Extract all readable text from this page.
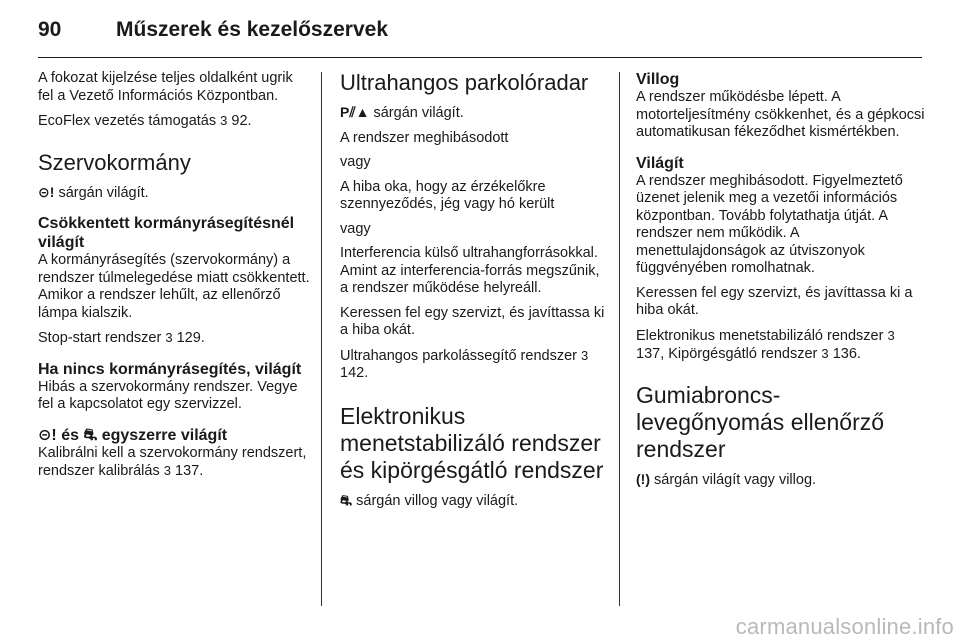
90	Műszerek és kezelőszervek

A fokozat kijelzése teljes oldalként ugrik fel a Vezető Információs Központban.

EcoFlex vezetés támogatás 3 92.

Szervokormány

⊝! sárgán világít.

Csökkentett kormányrásegítésnél világít

A kormányrásegítés (szervokormány) a rendszer túlmelegedése miatt csökkentett. Amikor a rendszer lehűlt, az ellenőrző lámpa kialszik.

Stop-start rendszer 3 129.

Ha nincs kormányrásegítés, világít

Hibás a szervokormány rendszer. Vegye fel a kapcsolatot egy szervizzel.

⊝! és ⛐ egyszerre világít

Kalibrálni kell a szervokormány rendszert, rendszer kalibrálás 3 137.

Ultrahangos parkolóradar

P⫽▲ sárgán világít.

A rendszer meghibásodott

vagy

A hiba oka, hogy az érzékelőkre szennyeződés, jég vagy hó került

vagy

Interferencia külső ultrahangforrásokkal. Amint az interferencia-forrás megszűnik, a rendszer működése helyreáll.

Keressen fel egy szervizt, és javíttassa ki a hiba okát.

Ultrahangos parkolássegítő rendszer 3 142.

Elektronikus menetstabilizáló rendszer és kipörgésgátló rendszer

⛐ sárgán villog vagy világít.

Villog

A rendszer működésbe lépett. A motorteljesítmény csökkenhet, és a gépkocsi automatikusan fékeződhet kismértékben.

Világít

A rendszer meghibásodott. Figyelmeztető üzenet jelenik meg a vezetői információs központban. Tovább folytathatja útját. A rendszer nem működik. A menettulajdonságok az útviszonyok függvényében romolhatnak.

Keressen fel egy szervizt, és javíttassa ki a hiba okát.

Elektronikus menetstabilizáló rendszer 3 137, Kipörgésgátló rendszer 3 136.

Gumiabroncs-levegőnyomás ellenőrző rendszer

(!) sárgán világít vagy villog.

carmanualsonline.info
